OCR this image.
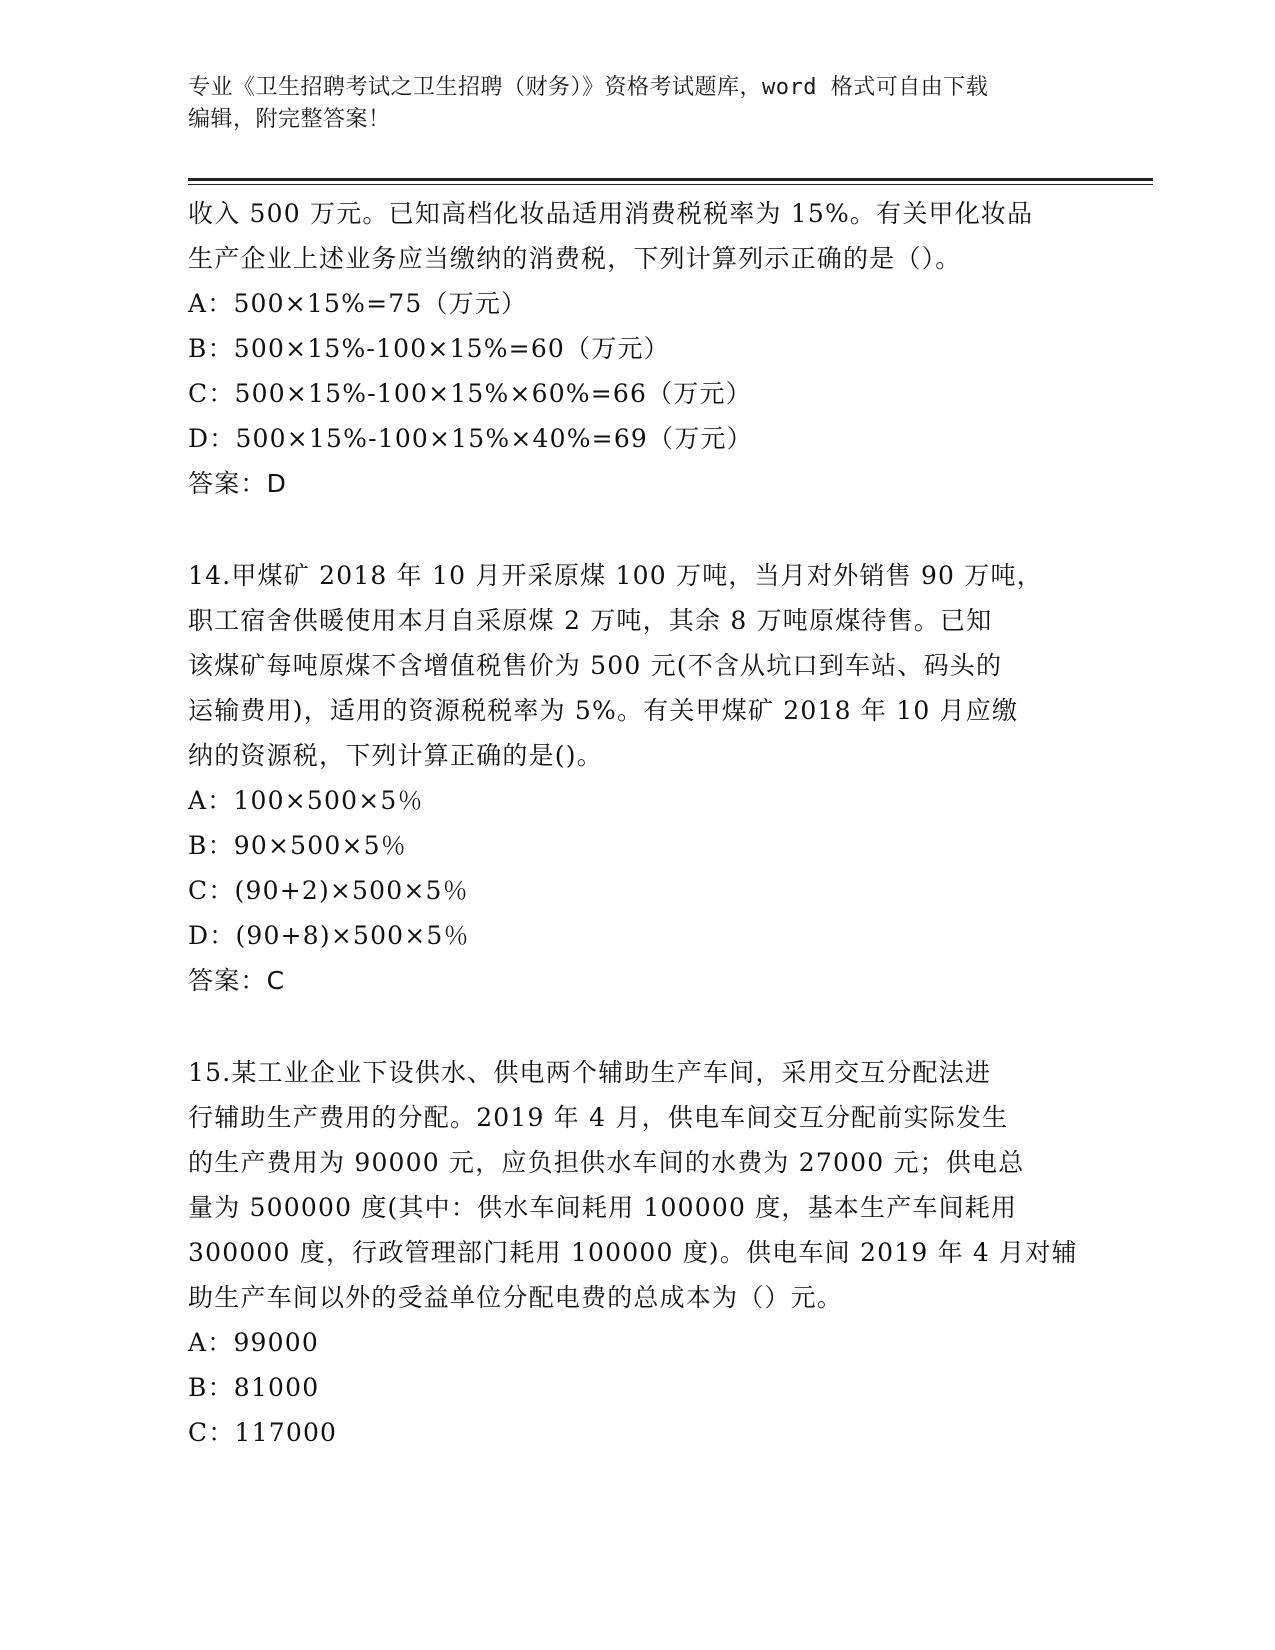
专业《卫生招聘考试之卫生招聘（财务）》资格考试题库，word 格式可自由下载
编辑，附完整答案！
收入 500 万元。已知高档化妆品适用消费税税率为 15%。有关甲化妆品
生产企业上述业务应当缴纳的消费税，下列计算列示正确的是（）。
A：500×15%=75（万元）
B：500×15%-100×15%=60（万元）
C：500×15%-100×15%×60%=66（万元）
D：500×15%-100×15%×40%=69（万元）
答案：D
14.甲煤矿 2018 年 10 月开采原煤 100 万吨，当月对外销售 90 万吨，
职工宿舍供暖使用本月自采原煤 2 万吨，其余 8 万吨原煤待售。已知
该煤矿每吨原煤不含增值税售价为 500 元(不含从坑口到车站、码头的
运输费用)，适用的资源税税率为 5%。有关甲煤矿 2018 年 10 月应缴
纳的资源税，下列计算正确的是()。
A：100×500×5％
B：90×500×5％
C：(90+2)×500×5％
D：(90+8)×500×5％
答案：C
15.某工业企业下设供水、供电两个辅助生产车间，采用交互分配法进
行辅助生产费用的分配。2019 年 4 月，供电车间交互分配前实际发生
的生产费用为 90000 元，应负担供水车间的水费为 27000 元；供电总
量为 500000 度(其中：供水车间耗用 100000 度，基本生产车间耗用
300000 度，行政管理部门耗用 100000 度)。供电车间 2019 年 4 月对辅
助生产车间以外的受益单位分配电费的总成本为（）元。
A：99000
B：81000
C：117000
